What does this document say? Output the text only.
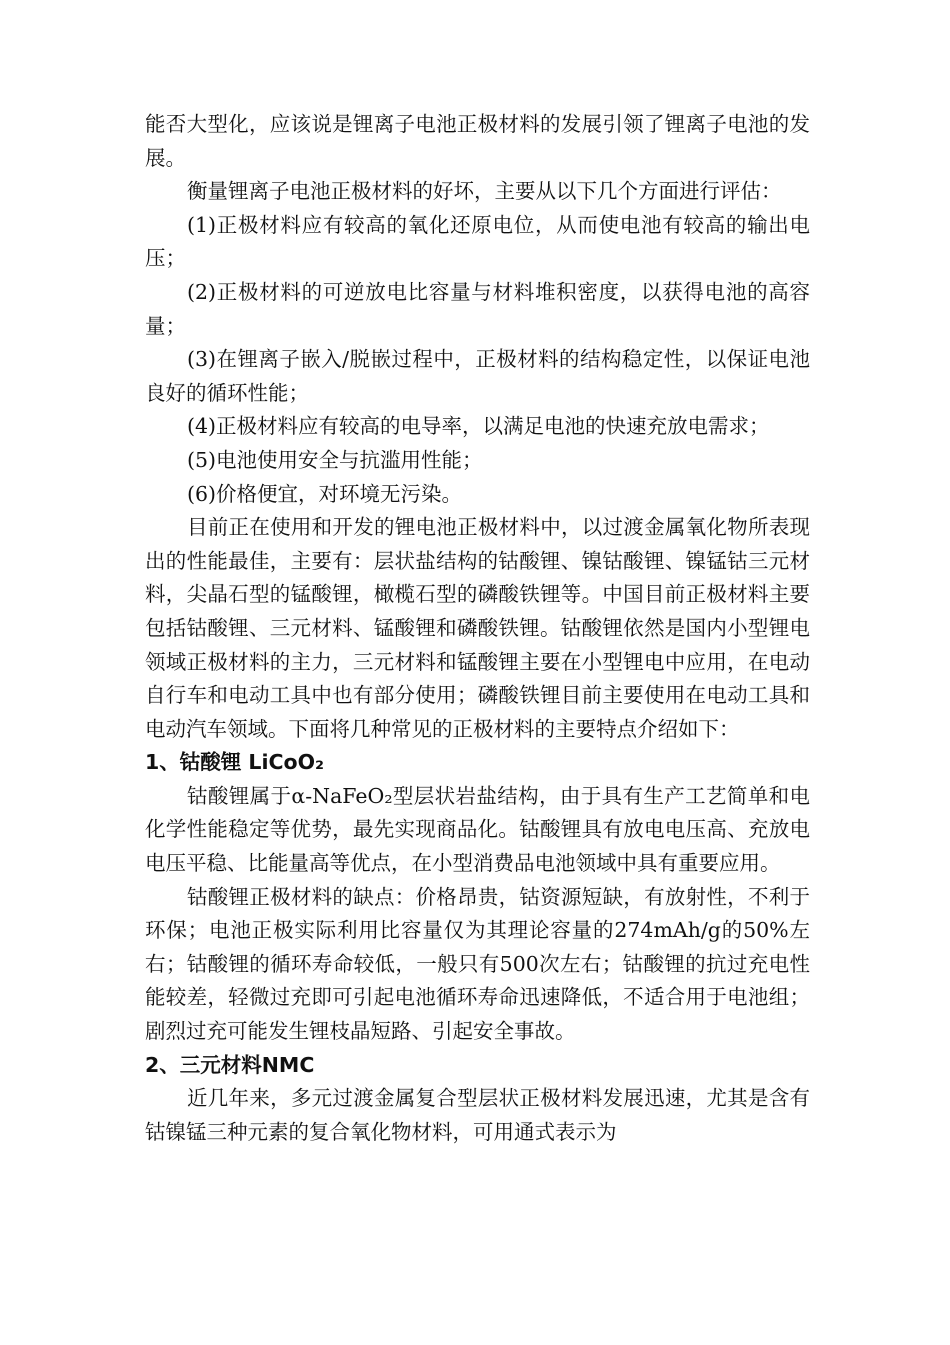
能否大型化，应该说是锂离子电池正极材料的发展引领了锂离子电池的发展。

衡量锂离子电池正极材料的好坏，主要从以下几个方面进行评估：

(1)正极材料应有较高的氧化还原电位，从而使电池有较高的输出电压；

(2)正极材料的可逆放电比容量与材料堆积密度，以获得电池的高容量；

(3)在锂离子嵌入/脱嵌过程中，正极材料的结构稳定性，以保证电池良好的循环性能；

(4)正极材料应有较高的电导率，以满足电池的快速充放电需求；

(5)电池使用安全与抗滥用性能；

(6)价格便宜，对环境无污染。

目前正在使用和开发的锂电池正极材料中，以过渡金属氧化物所表现出的性能最佳，主要有：层状盐结构的钴酸锂、镍钴酸锂、镍锰钴三元材料，尖晶石型的锰酸锂，橄榄石型的磷酸铁锂等。中国目前正极材料主要包括钴酸锂、三元材料、锰酸锂和磷酸铁锂。钴酸锂依然是国内小型锂电领域正极材料的主力，三元材料和锰酸锂主要在小型锂电中应用，在电动自行车和电动工具中也有部分使用；磷酸铁锂目前主要使用在电动工具和电动汽车领域。下面将几种常见的正极材料的主要特点介绍如下：

1、钴酸锂 LiCoO₂

钴酸锂属于α-NaFeO₂型层状岩盐结构，由于具有生产工艺简单和电化学性能稳定等优势，最先实现商品化。钴酸锂具有放电电压高、充放电电压平稳、比能量高等优点，在小型消费品电池领域中具有重要应用。

钴酸锂正极材料的缺点：价格昂贵，钴资源短缺，有放射性，不利于环保；电池正极实际利用比容量仅为其理论容量的274mAh/g的50%左右；钴酸锂的循环寿命较低，一般只有500次左右；钴酸锂的抗过充电性能较差，轻微过充即可引起电池循环寿命迅速降低，不适合用于电池组；剧烈过充可能发生锂枝晶短路、引起安全事故。

2、三元材料NMC

近几年来，多元过渡金属复合型层状正极材料发展迅速，尤其是含有钴镍锰三种元素的复合氧化物材料，可用通式表示为
